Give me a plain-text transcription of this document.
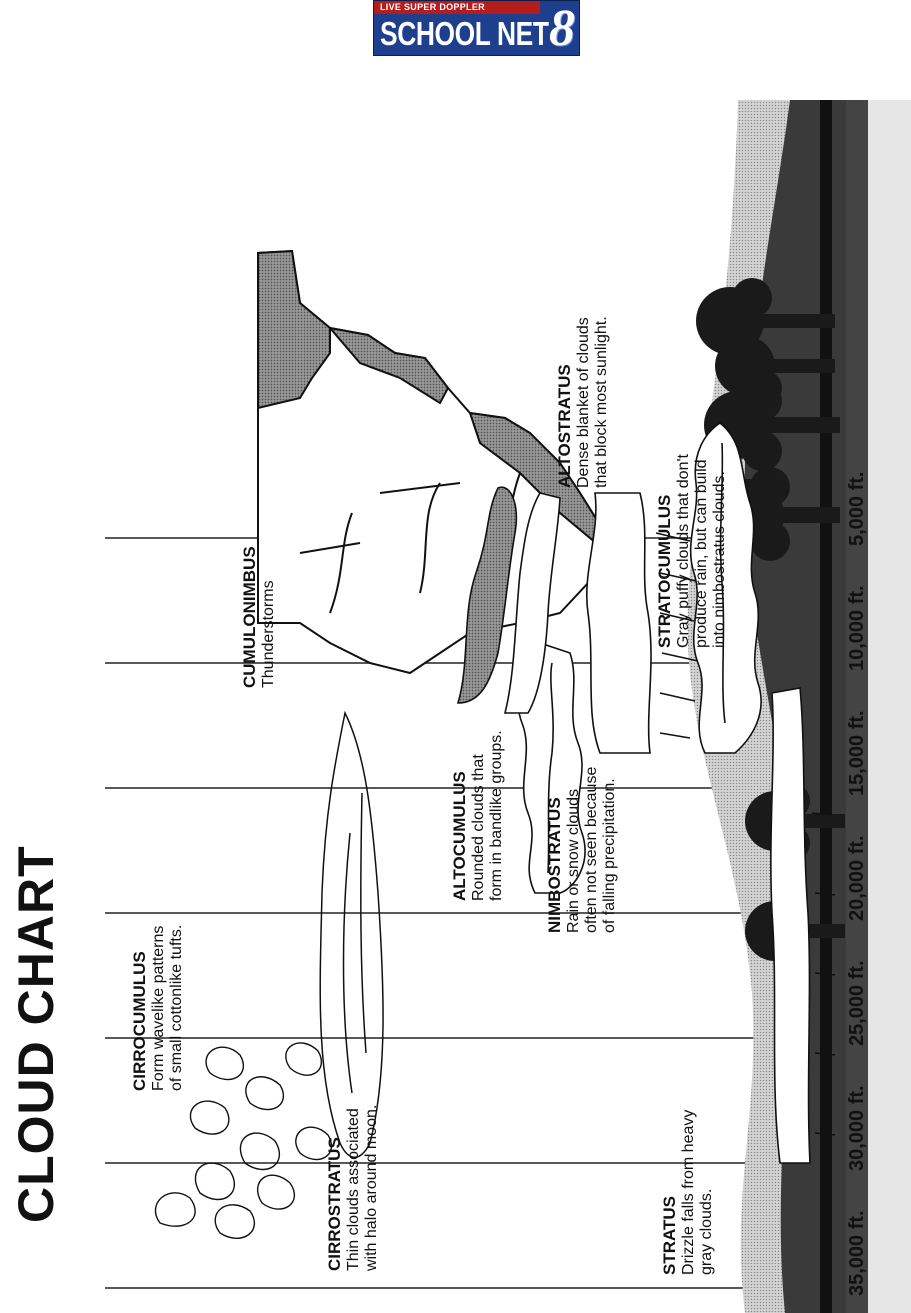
LIVE SUPER DOPPLER
SCHOOL NET 8
CLOUD CHART
35,000 ft.
30,000 ft.
25,000 ft.
20,000 ft.
15,000 ft.
10,000 ft.
5,000 ft.
CIRROCUMULUS Form wavelike patterns
of small cottonlike tufts.
CUMULONIMBUS Thunderstorms
CIRROSTRATUS Thin clouds associated
with halo around moon.
ALTOCUMULUS Rounded clouds that
form in bandlike groups.
NIMBOSTRATUS Rain or snow clouds
often not seen because
of falling precipitation.
ALTOSTRATUS Dense blanket of clouds
that block most sunlight.
STRATOCUMULUS Gray puffy clouds that don't
produce rain, but can build
into nimbostratus clouds.
STRATUS Drizzle falls from heavy
gray clouds.
